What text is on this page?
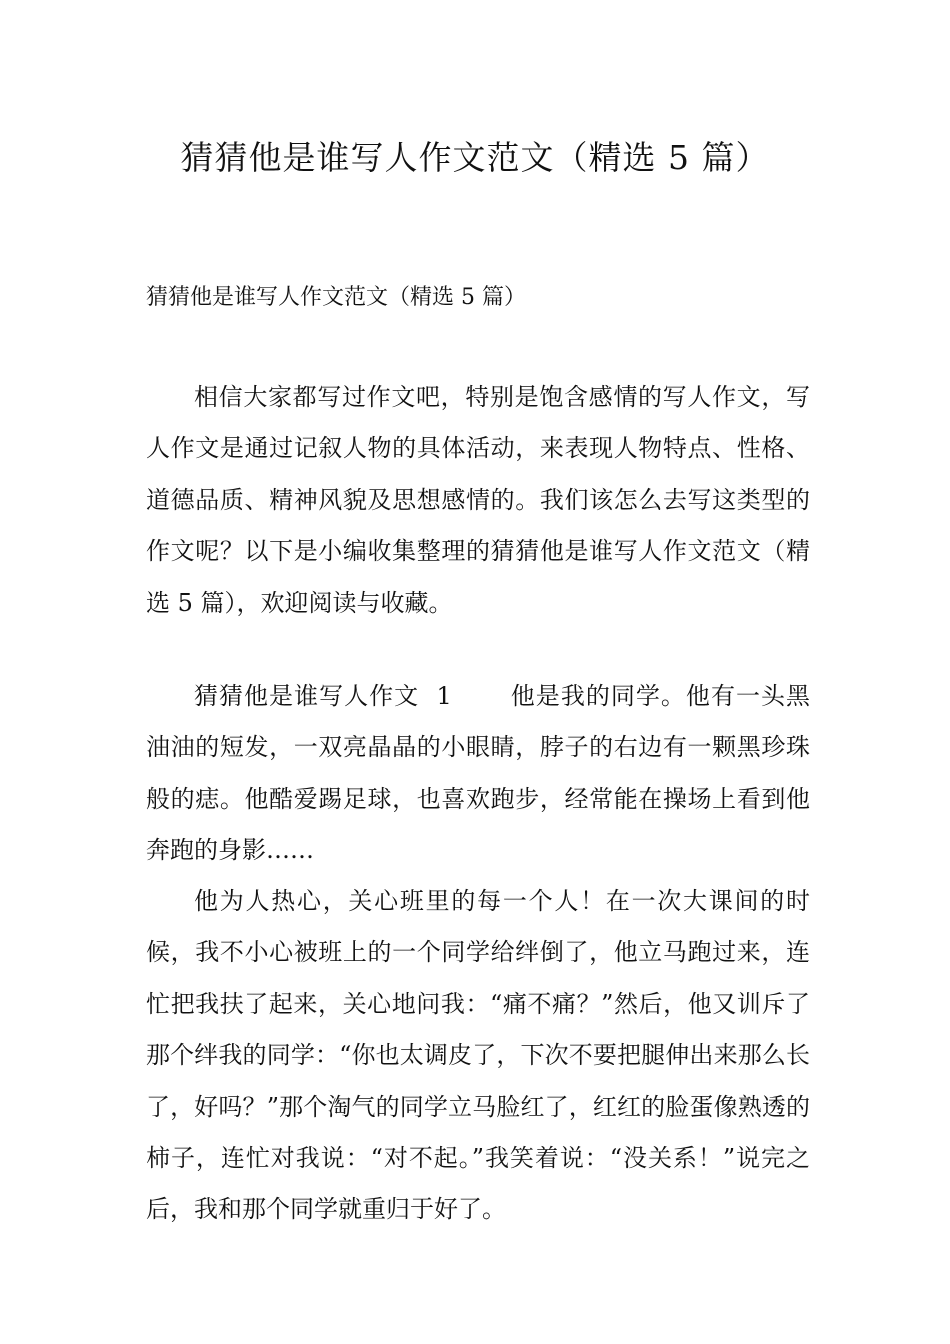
猜猜他是谁写人作文范文（精选 5 篇）
猜猜他是谁写人作文范文（精选 5 篇）

相信大家都写过作文吧，特别是饱含感情的写人作文，写人作文是通过记叙人物的具体活动，来表现人物特点、性格、道德品质、精神风貌及思想感情的。我们该怎么去写这类型的作文呢？以下是小编收集整理的猜猜他是谁写人作文范文（精选 5 篇），欢迎阅读与收藏。

猜猜他是谁写人作文  1 他是我的同学。他有一头黑油油的短发，一双亮晶晶的小眼睛，脖子的右边有一颗黑珍珠般的痣。他酷爱踢足球，也喜欢跑步，经常能在操场上看到他奔跑的身影……

他为人热心，关心班里的每一个人！在一次大课间的时候，我不小心被班上的一个同学给绊倒了，他立马跑过来，连忙把我扶了起来，关心地问我：“痛不痛？”然后，他又训斥了那个绊我的同学：“你也太调皮了，下次不要把腿伸出来那么长了，好吗？”那个淘气的同学立马脸红了，红红的脸蛋像熟透的柿子，连忙对我说：“对不起。”我笑着说：“没关系！”说完之后，我和那个同学就重归于好了。
